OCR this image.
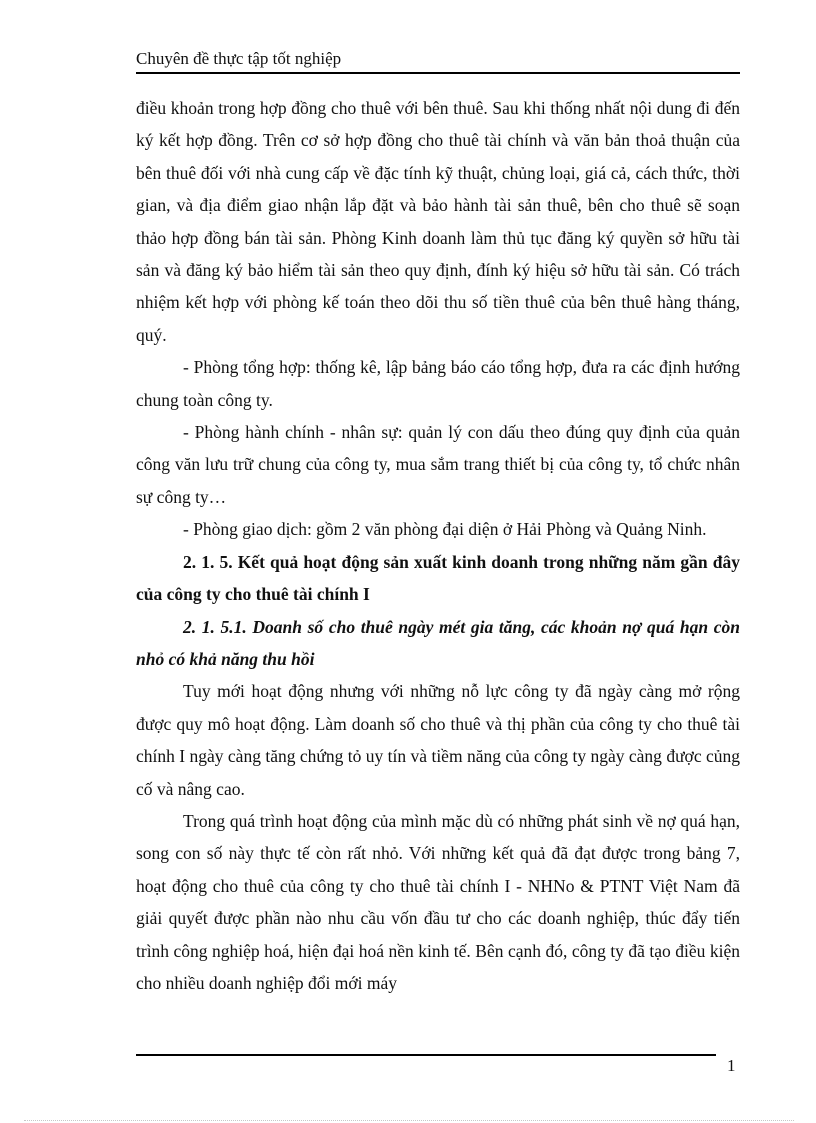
Chuyên đề thực tập tốt nghiệp

điều khoản trong hợp đồng cho thuê với bên thuê. Sau khi thống nhất nội dung đi đến ký kết hợp đồng. Trên cơ sở hợp đồng cho thuê tài chính và văn bản thoả thuận của bên thuê đối với nhà cung cấp về đặc tính kỹ thuật, chủng loại, giá cả, cách thức, thời gian, và địa điểm giao nhận lắp đặt và bảo hành tài sản thuê, bên cho thuê sẽ soạn thảo hợp đồng bán tài sản. Phòng Kinh doanh làm thủ tục đăng ký quyền sở hữu tài sản và đăng ký bảo hiểm tài sản theo quy định, đính ký hiệu sở hữu tài sản. Có trách nhiệm kết hợp với phòng kế toán theo dõi thu số tiền thuê của bên thuê hàng tháng, quý.

- Phòng tổng hợp: thống kê, lập bảng báo cáo tổng hợp, đưa ra các định hướng chung toàn công ty.

- Phòng hành chính - nhân sự: quản lý con dấu theo đúng quy định của quản công văn lưu trữ chung của công ty, mua sắm trang thiết bị của công ty, tổ chức nhân sự công ty…

- Phòng giao dịch: gồm 2 văn phòng đại diện ở Hải Phòng và Quảng Ninh.

2. 1. 5. Kết quả hoạt động sản xuất kinh doanh trong những năm gần đây của công ty cho thuê tài chính I

2. 1. 5.1. Doanh số cho thuê ngày mét gia tăng, các khoản nợ quá hạn còn nhỏ có khả năng thu hồi

Tuy mới hoạt động nhưng với những nỗ lực công ty đã ngày càng mở rộng được quy mô hoạt động. Làm doanh số cho thuê và thị phần của công ty cho thuê tài chính I ngày càng tăng chứng tỏ uy tín và tiềm năng của công ty ngày càng được củng cố và nâng cao.

Trong quá trình hoạt động của mình mặc dù có những phát sinh về nợ quá hạn, song con số này thực tế còn rất nhỏ. Với những kết quả đã đạt được trong bảng 7, hoạt động cho thuê của công ty cho thuê tài chính I - NHNo & PTNT Việt Nam đã giải quyết được phần nào nhu cầu vốn đầu tư cho các doanh nghiệp, thúc đẩy tiến trình công nghiệp hoá, hiện đại hoá nền kinh tế. Bên cạnh đó, công ty đã tạo điều kiện cho nhiều doanh nghiệp đổi mới máy

1
